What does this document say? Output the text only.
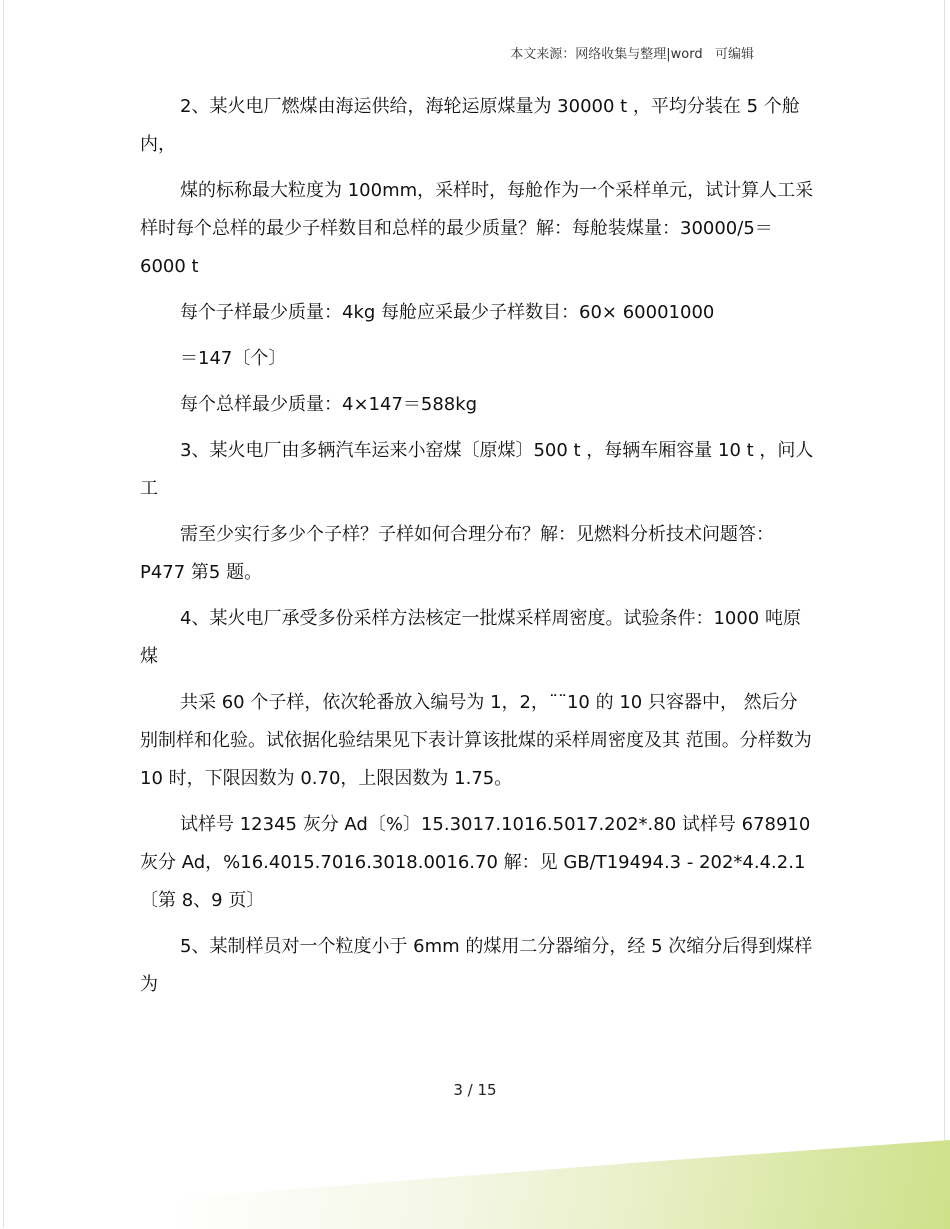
本文来源：网络收集与整理|word   可编辑

2、某火电厂燃煤由海运供给，海轮运原煤量为 30000 t ，平均分装在 5 个舱内，

煤的标称最大粒度为 100mm，采样时，每舱作为一个采样单元，试计算人工采样时每个总样的最少子样数目和总样的最少质量？解：每舱装煤量：30000/5＝6000 t

每个子样最少质量：4kg 每舱应采最少子样数目：60× 60001000

＝147〔个〕

每个总样最少质量：4×147＝588kg

3、某火电厂由多辆汽车运来小窑煤〔原煤〕500 t ，每辆车厢容量 10 t ，问人工

需至少实行多少个子样？子样如何合理分布？解：见燃料分析技术问题答：P477 第5 题。

4、某火电厂承受多份采样方法核定一批煤采样周密度。试验条件：1000 吨原煤

共采 60 个子样，依次轮番放入编号为 1，2，¨¨10 的 10 只容器中， 然后分别制样和化验。试依据化验结果见下表计算该批煤的采样周密度及其 范围。分样数为 10 时，下限因数为 0.70，上限因数为 1.75。

试样号 12345 灰分 Ad〔%〕15.3017.1016.5017.202*.80 试样号 678910 灰分 Ad，%16.4015.7016.3018.0016.70 解：见 GB/T19494.3 - 202*4.4.2.1

〔第 8、9 页〕

5、某制样员对一个粒度小于 6mm 的煤用二分器缩分，经 5 次缩分后得到煤样为

3 / 15
